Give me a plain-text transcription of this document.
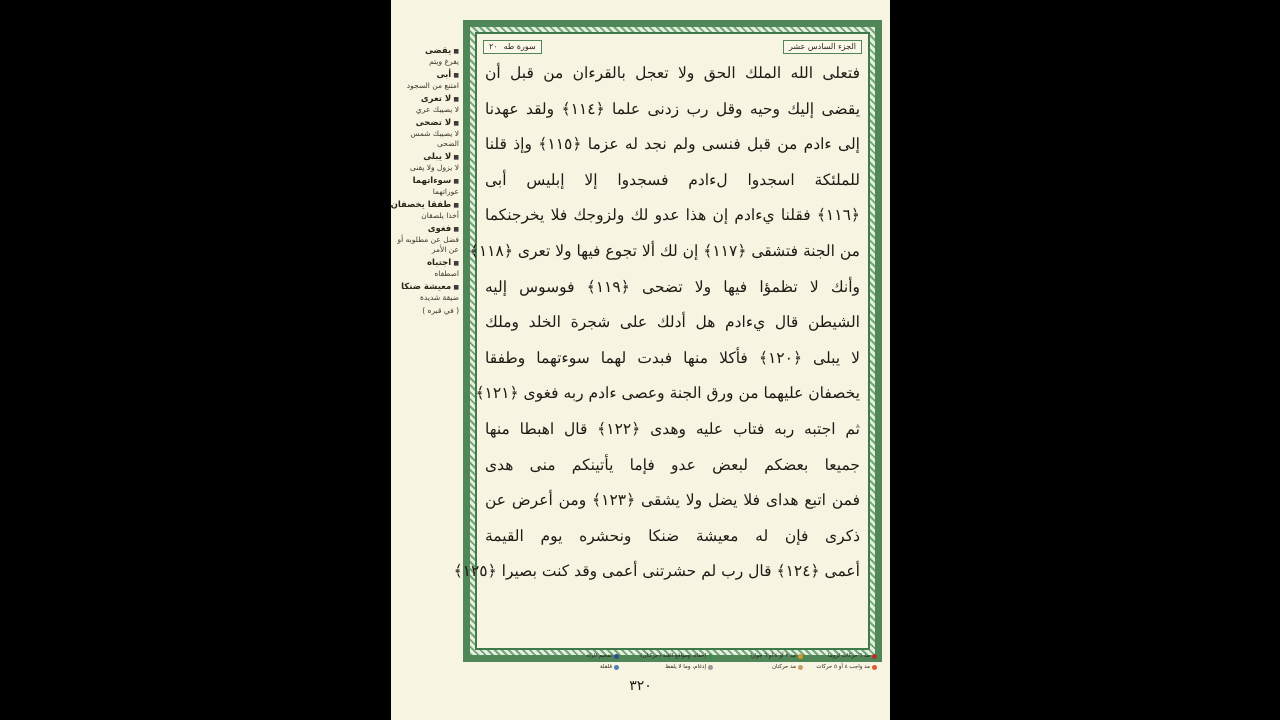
■ يقضى
يفرغ ويتم
■ أبى
امتنع من السجود
■ لا تعرى
لا يصيبك عري
■ لا تضحى
لا يصيبك شمس الضحى
■ لا يبلى
لا يزول ولا يفنى
■ سوءاتهما
عوراتهما
■ طفقا يخصفان
أخذا يلصقان
■ فغوى
فضل عن مطلوبه أو عن الأمر
■ اجتباه
اصطفاه
■ معيشة ضنكا
ضيقة شديدة
( في قبره )
الجزء السادس عشر
سورة طه
٢٠
فتعلى الله الملك الحق ولا تعجل بالقرءان من قبل أن
يقضى إليك وحيه وقل رب زدنى علما ﴿١١٤﴾ ولقد عهدنا
إلى ءادم من قبل فنسى ولم نجد له عزما ﴿١١٥﴾ وإذ قلنا
للملئكة اسجدوا لءادم فسجدوا إلا إبليس أبى
﴿١١٦﴾ فقلنا يءادم إن هذا عدو لك ولزوجك فلا يخرجنكما
من الجنة فتشقى ﴿١١٧﴾ إن لك ألا تجوع فيها ولا تعرى ﴿١١٨﴾
وأنك لا تظمؤا فيها ولا تضحى ﴿١١٩﴾ فوسوس إليه
الشيطن قال يءادم هل أدلك على شجرة الخلد وملك
لا يبلى ﴿١٢٠﴾ فأكلا منها فبدت لهما سوءتهما وطفقا
يخصفان عليهما من ورق الجنة وعصى ءادم ربه فغوى ﴿١٢١﴾
ثم اجتبه ربه فتاب عليه وهدى ﴿١٢٢﴾ قال اهبطا منها
جميعا بعضكم لبعض عدو فإما يأتينكم منى هدى
فمن اتبع هداى فلا يضل ولا يشقى ﴿١٢٣﴾ ومن أعرض عن
ذكرى فإن له معيشة ضنكا ونحشره يوم القيمة
أعمى ﴿١٢٤﴾ قال رب لم حشرتنى أعمى وقد كنت بصيرا ﴿١٢٥﴾
مد ٦ حركات لزوما
مد ٢ أو ٤ أو ٦ جوازا
إخفاء، ومواقع الغنة (حركتان)
تفخيم الراء
مد واجب ٤ أو ٥ حركات
مد حركتان
إدغام، وما لا يلفظ
قلقلة
٣٢٠
